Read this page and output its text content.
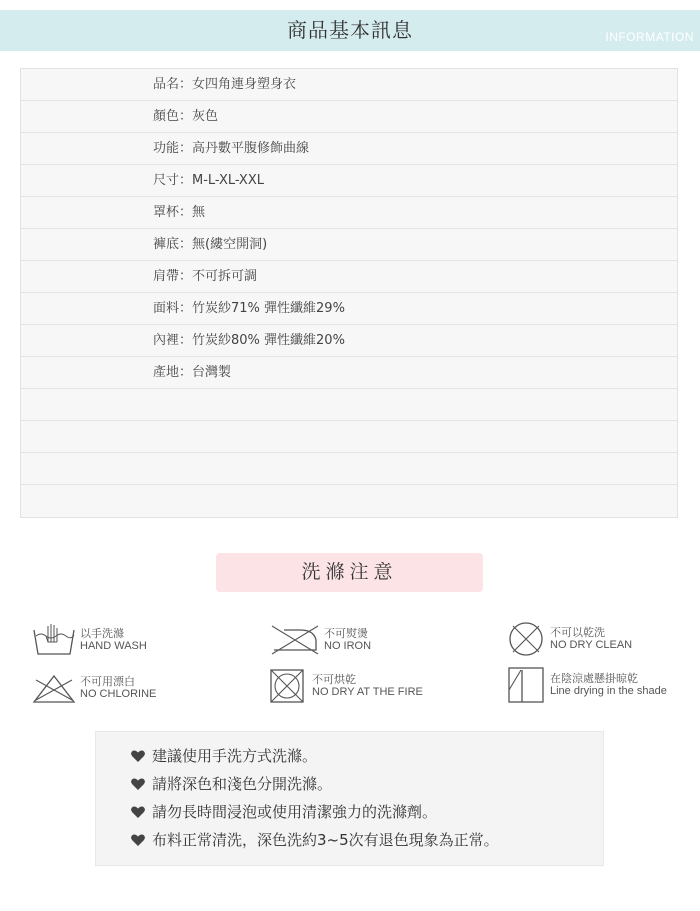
商品基本訊息	INFORMATION
品名：女四角連身塑身衣
顏色：灰色
功能：高丹數平腹修飾曲線
尺寸：M-L-XL-XXL
罩杯：無
褲底：無(縷空開洞)
肩帶：不可拆可調
面料：竹炭紗71% 彈性纖維29%
內裡：竹炭紗80% 彈性纖維20%
產地：台灣製
洗滌注意
以手洗滌
HAND WASH
不可熨燙
NO IRON
不可以乾洗
NO DRY CLEAN
不可用漂白
NO CHLORINE
不可烘乾
NO DRY AT THE FIRE
在陰涼處懸掛晾乾
Line drying in the shade
建議使用手洗方式洗滌。
請將深色和淺色分開洗滌。
請勿長時間浸泡或使用清潔強力的洗滌劑。
布料正常清洗，深色洗約3~5次有退色現象為正常。
